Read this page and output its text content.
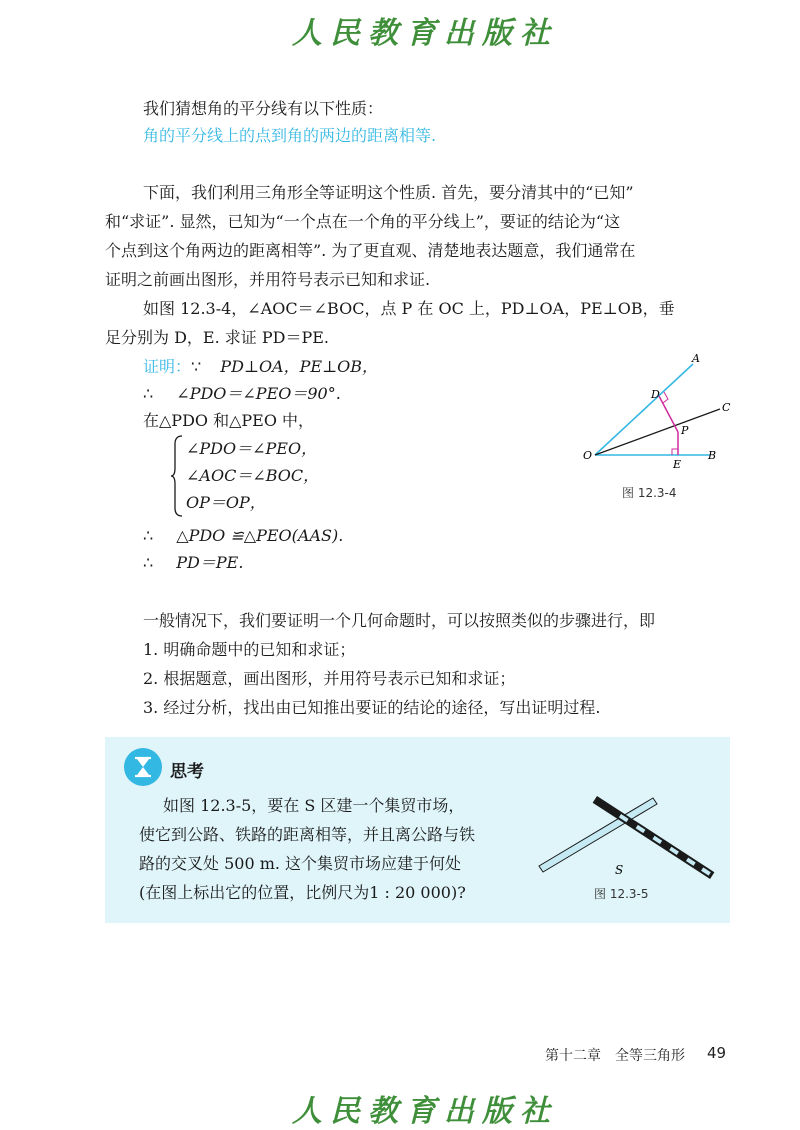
人民教育出版社
我们猜想角的平分线有以下性质：
角的平分线上的点到角的两边的距离相等.
下面，我们利用三角形全等证明这个性质. 首先，要分清其中的“已知”
和“求证”. 显然，已知为“一个点在一个角的平分线上”，要证的结论为“这
个点到这个角两边的距离相等”. 为了更直观、清楚地表达题意，我们通常在
证明之前画出图形，并用符号表示已知和求证.
如图 12.3-4，∠AOC＝∠BOC，点 P 在 OC 上，PD⊥OA，PE⊥OB，垂
足分别为 D，E. 求证 PD＝PE.
证明：∵ PD⊥OA，PE⊥OB，
∴ ∠PDO＝∠PEO＝90°.
在△PDO 和△PEO 中，
∠PDO＝∠PEO，
∠AOC＝∠BOC，
OP＝OP，
∴ △PDO ≌△PEO(AAS).
∴ PD＝PE.
A
C
B
O
D
P
E
图 12.3-4
一般情况下，我们要证明一个几何命题时，可以按照类似的步骤进行，即
1. 明确命题中的已知和求证；
2. 根据题意，画出图形，并用符号表示已知和求证；
3. 经过分析，找出由已知推出要证的结论的途径，写出证明过程.
思考
如图 12.3-5，要在 S 区建一个集贸市场，
使它到公路、铁路的距离相等，并且离公路与铁
路的交叉处 500 m. 这个集贸市场应建于何处
(在图上标出它的位置，比例尺为1 : 20 000)?
S
图 12.3-5
第十二章　全等三角形 49
人民教育出版社
